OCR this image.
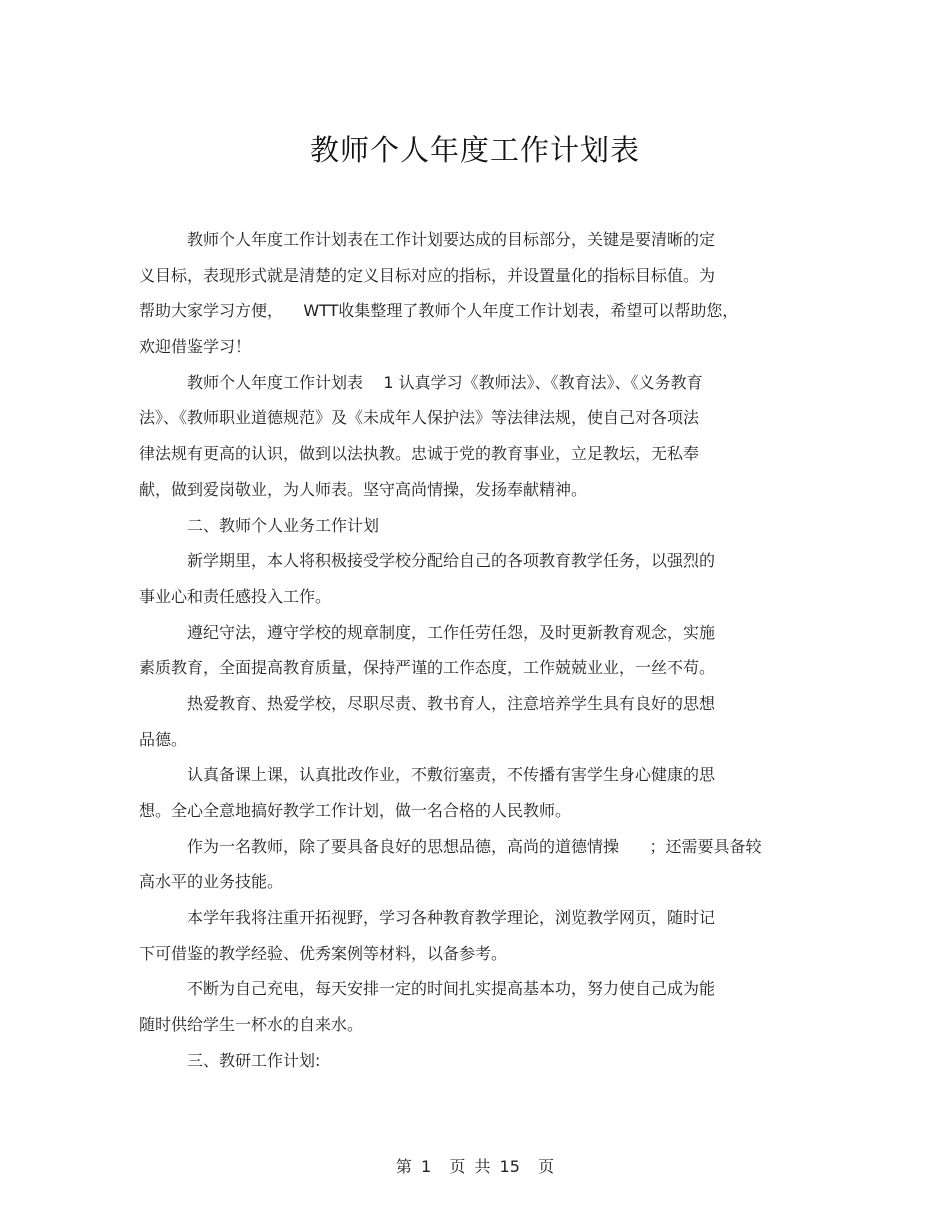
教师个人年度工作计划表
教师个人年度工作计划表在工作计划要达成的目标部分，关键是要清晰的定
义目标，表现形式就是清楚的定义目标对应的指标，并设置量化的指标目标值。为
帮助大家学习方便，    WTT收集整理了教师个人年度工作计划表，希望可以帮助您，
欢迎借鉴学习！
教师个人年度工作计划表    1 认真学习《教师法》、《教育法》、《义务教育
法》、《教师职业道德规范》及《未成年人保护法》等法律法规，使自己对各项法
律法规有更高的认识，做到以法执教。忠诚于党的教育事业，立足教坛，无私奉
献，做到爱岗敬业，为人师表。坚守高尚情操，发扬奉献精神。
二、教师个人业务工作计划
新学期里，本人将积极接受学校分配给自己的各项教育教学任务，以强烈的
事业心和责任感投入工作。
遵纪守法，遵守学校的规章制度，工作任劳任怨，及时更新教育观念，实施
素质教育，全面提高教育质量，保持严谨的工作态度，工作兢兢业业，一丝不苟。
热爱教育、热爱学校，尽职尽责、教书育人，注意培养学生具有良好的思想
品德。
认真备课上课，认真批改作业，不敷衍塞责，不传播有害学生身心健康的思
想。全心全意地搞好教学工作计划，做一名合格的人民教师。
作为一名教师，除了要具备良好的思想品德，高尚的道德情操      ；还需要具备较
高水平的业务技能。
本学年我将注重开拓视野，学习各种教育教学理论，浏览教学网页，随时记
下可借鉴的教学经验、优秀案例等材料，以备参考。
不断为自己充电，每天安排一定的时间扎实提高基本功，努力使自己成为能
随时供给学生一杯水的自来水。
三、教研工作计划:
第 1  页 共 15  页
